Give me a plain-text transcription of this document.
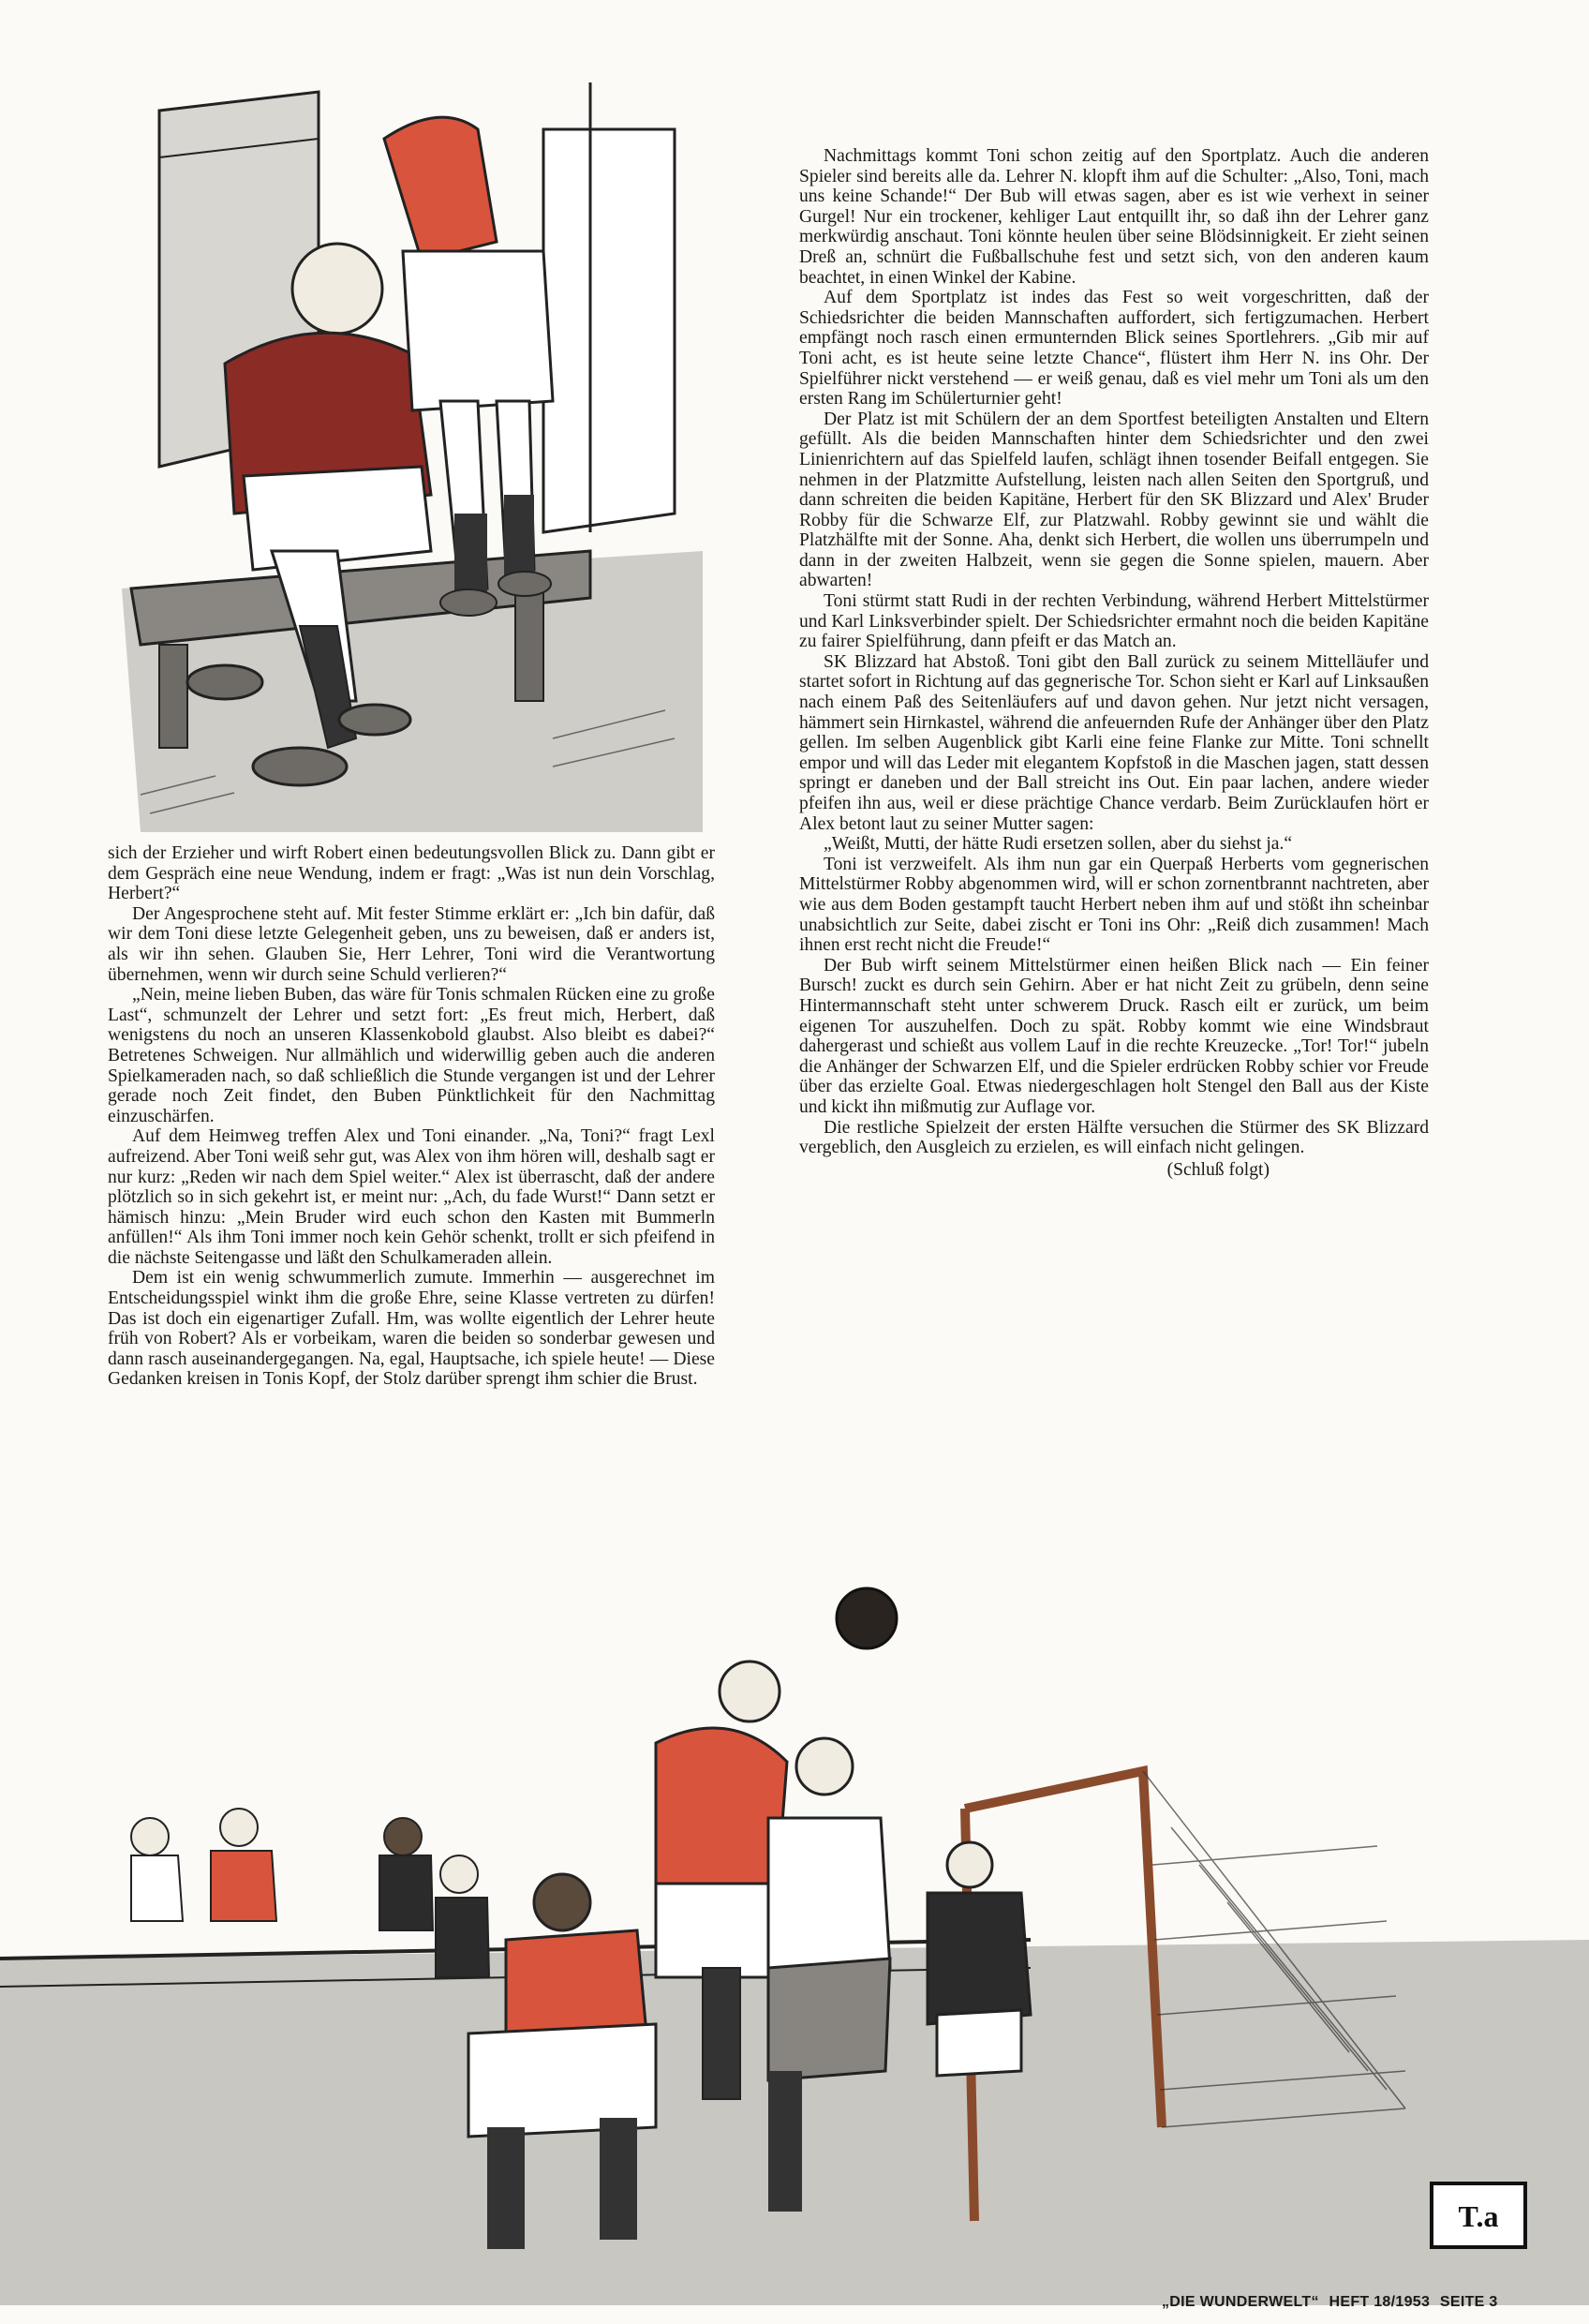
sich der Erzieher und wirft Robert einen bedeutungsvollen Blick zu. Dann gibt er dem Gespräch eine neue Wendung, indem er fragt: „Was ist nun dein Vorschlag, Herbert?“

Der Angesprochene steht auf. Mit fester Stimme erklärt er: „Ich bin dafür, daß wir dem Toni diese letzte Gelegenheit geben, uns zu beweisen, daß er anders ist, als wir ihn sehen. Glauben Sie, Herr Lehrer, Toni wird die Verantwortung übernehmen, wenn wir durch seine Schuld verlieren?“

„Nein, meine lieben Buben, das wäre für Tonis schmalen Rücken eine zu große Last“, schmunzelt der Lehrer und setzt fort: „Es freut mich, Herbert, daß wenigstens du noch an unseren Klassenkobold glaubst. Also bleibt es dabei?“ Betretenes Schweigen. Nur allmählich und widerwillig geben auch die anderen Spielkameraden nach, so daß schließlich die Stunde vergangen ist und der Lehrer gerade noch Zeit findet, den Buben Pünktlichkeit für den Nachmittag einzuschärfen.

Auf dem Heimweg treffen Alex und Toni einander. „Na, Toni?“ fragt Lexl aufreizend. Aber Toni weiß sehr gut, was Alex von ihm hören will, deshalb sagt er nur kurz: „Reden wir nach dem Spiel weiter.“ Alex ist überrascht, daß der andere plötzlich so in sich gekehrt ist, er meint nur: „Ach, du fade Wurst!“ Dann setzt er hämisch hinzu: „Mein Bruder wird euch schon den Kasten mit Bummerln anfüllen!“ Als ihm Toni immer noch kein Gehör schenkt, trollt er sich pfeifend in die nächste Seitengasse und läßt den Schulkameraden allein.

Dem ist ein wenig schwummerlich zumute. Immerhin — ausgerechnet im Entscheidungsspiel winkt ihm die große Ehre, seine Klasse vertreten zu dürfen! Das ist doch ein eigenartiger Zufall. Hm, was wollte eigentlich der Lehrer heute früh von Robert? Als er vorbeikam, waren die beiden so sonderbar gewesen und dann rasch auseinandergegangen. Na, egal, Hauptsache, ich spiele heute! — Diese Gedanken kreisen in Tonis Kopf, der Stolz darüber sprengt ihm schier die Brust.

Nachmittags kommt Toni schon zeitig auf den Sportplatz. Auch die anderen Spieler sind bereits alle da. Lehrer N. klopft ihm auf die Schulter: „Also, Toni, mach uns keine Schande!“ Der Bub will etwas sagen, aber es ist wie verhext in seiner Gurgel! Nur ein trockener, kehliger Laut entquillt ihr, so daß ihn der Lehrer ganz merkwürdig anschaut. Toni könnte heulen über seine Blödsinnigkeit. Er zieht seinen Dreß an, schnürt die Fußballschuhe fest und setzt sich, von den anderen kaum beachtet, in einen Winkel der Kabine.

Auf dem Sportplatz ist indes das Fest so weit vorgeschritten, daß der Schiedsrichter die beiden Mannschaften auffordert, sich fertigzumachen. Herbert empfängt noch rasch einen ermunternden Blick seines Sportlehrers. „Gib mir auf Toni acht, es ist heute seine letzte Chance“, flüstert ihm Herr N. ins Ohr. Der Spielführer nickt verstehend — er weiß genau, daß es viel mehr um Toni als um den ersten Rang im Schülerturnier geht!

Der Platz ist mit Schülern der an dem Sportfest beteiligten Anstalten und Eltern gefüllt. Als die beiden Mannschaften hinter dem Schiedsrichter und den zwei Linienrichtern auf das Spielfeld laufen, schlägt ihnen tosender Beifall entgegen. Sie nehmen in der Platzmitte Aufstellung, leisten nach allen Seiten den Sportgruß, und dann schreiten die beiden Kapitäne, Herbert für den SK Blizzard und Alex' Bruder Robby für die Schwarze Elf, zur Platzwahl. Robby gewinnt sie und wählt die Platzhälfte mit der Sonne. Aha, denkt sich Herbert, die wollen uns überrumpeln und dann in der zweiten Halbzeit, wenn sie gegen die Sonne spielen, mauern. Aber abwarten!

Toni stürmt statt Rudi in der rechten Verbindung, während Herbert Mittelstürmer und Karl Linksverbinder spielt. Der Schiedsrichter ermahnt noch die beiden Kapitäne zu fairer Spielführung, dann pfeift er das Match an.

SK Blizzard hat Abstoß. Toni gibt den Ball zurück zu seinem Mittelläufer und startet sofort in Richtung auf das gegnerische Tor. Schon sieht er Karl auf Linksaußen nach einem Paß des Seitenläufers auf und davon gehen. Nur jetzt nicht versagen, hämmert sein Hirnkastel, während die anfeuernden Rufe der Anhänger über den Platz gellen. Im selben Augenblick gibt Karli eine feine Flanke zur Mitte. Toni schnellt empor und will das Leder mit elegantem Kopfstoß in die Maschen jagen, statt dessen springt er daneben und der Ball streicht ins Out. Ein paar lachen, andere wieder pfeifen ihn aus, weil er diese prächtige Chance verdarb. Beim Zurücklaufen hört er Alex betont laut zu seiner Mutter sagen:

„Weißt, Mutti, der hätte Rudi ersetzen sollen, aber du siehst ja.“

Toni ist verzweifelt. Als ihm nun gar ein Querpaß Herberts vom gegnerischen Mittelstürmer Robby abgenommen wird, will er schon zornentbrannt nachtreten, aber wie aus dem Boden gestampft taucht Herbert neben ihm auf und stößt ihn scheinbar unabsichtlich zur Seite, dabei zischt er Toni ins Ohr: „Reiß dich zusammen! Mach ihnen erst recht nicht die Freude!“

Der Bub wirft seinem Mittelstürmer einen heißen Blick nach — Ein feiner Bursch! zuckt es durch sein Gehirn. Aber er hat nicht Zeit zu grübeln, denn seine Hintermannschaft steht unter schwerem Druck. Rasch eilt er zurück, um beim eigenen Tor auszuhelfen. Doch zu spät. Robby kommt wie eine Windsbraut dahergerast und schießt aus vollem Lauf in die rechte Kreuzecke. „Tor! Tor!“ jubeln die Anhänger der Schwarzen Elf, und die Spieler erdrücken Robby schier vor Freude über das erzielte Goal. Etwas niedergeschlagen holt Stengel den Ball aus der Kiste und kickt ihn mißmutig zur Auflage vor.

Die restliche Spielzeit der ersten Hälfte versuchen die Stürmer des SK Blizzard vergeblich, den Ausgleich zu erzielen, es will einfach nicht gelingen.

(Schluß folgt)
T.a
„DIE WUNDERWELT“ HEFT 18/1953 SEITE 3
